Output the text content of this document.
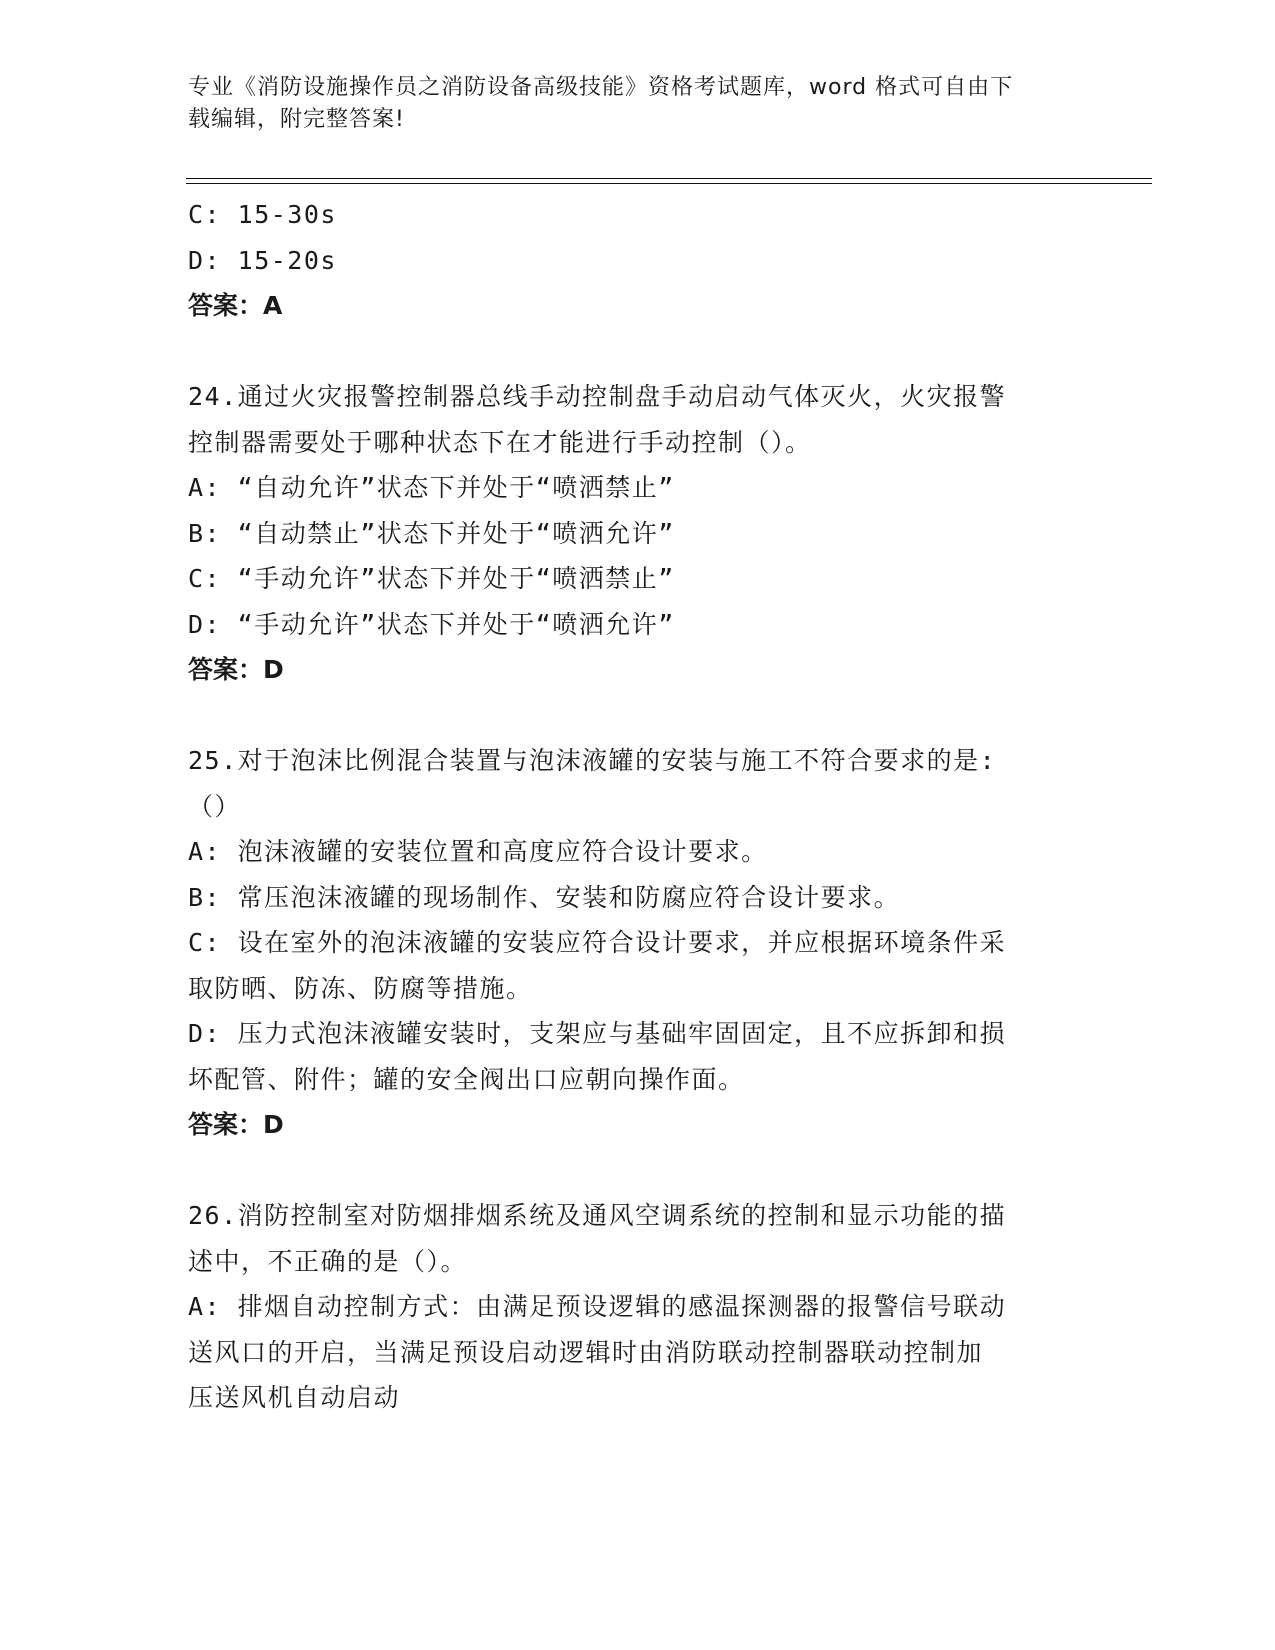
专业《消防设施操作员之消防设备高级技能》资格考试题库，word 格式可自由下
载编辑，附完整答案!
C: 15-30s
D: 15-20s
答案：A
24.通过火灾报警控制器总线手动控制盘手动启动气体灭火，火灾报警
控制器需要处于哪种状态下在才能进行手动控制（）。
A: “自动允许”状态下并处于“喷洒禁止”
B: “自动禁止”状态下并处于“喷洒允许”
C: “手动允许”状态下并处于“喷洒禁止”
D: “手动允许”状态下并处于“喷洒允许”
答案：D
25.对于泡沫比例混合装置与泡沫液罐的安装与施工不符合要求的是:
（）
A: 泡沫液罐的安装位置和高度应符合设计要求。
B: 常压泡沫液罐的现场制作、安装和防腐应符合设计要求。
C: 设在室外的泡沫液罐的安装应符合设计要求，并应根据环境条件采
取防晒、防冻、防腐等措施。
D: 压力式泡沫液罐安装时，支架应与基础牢固固定，且不应拆卸和损
坏配管、附件；罐的安全阀出口应朝向操作面。
答案：D
26.消防控制室对防烟排烟系统及通风空调系统的控制和显示功能的描
述中，不正确的是（）。
A: 排烟自动控制方式：由满足预设逻辑的感温探测器的报警信号联动
送风口的开启，当满足预设启动逻辑时由消防联动控制器联动控制加
压送风机自动启动
